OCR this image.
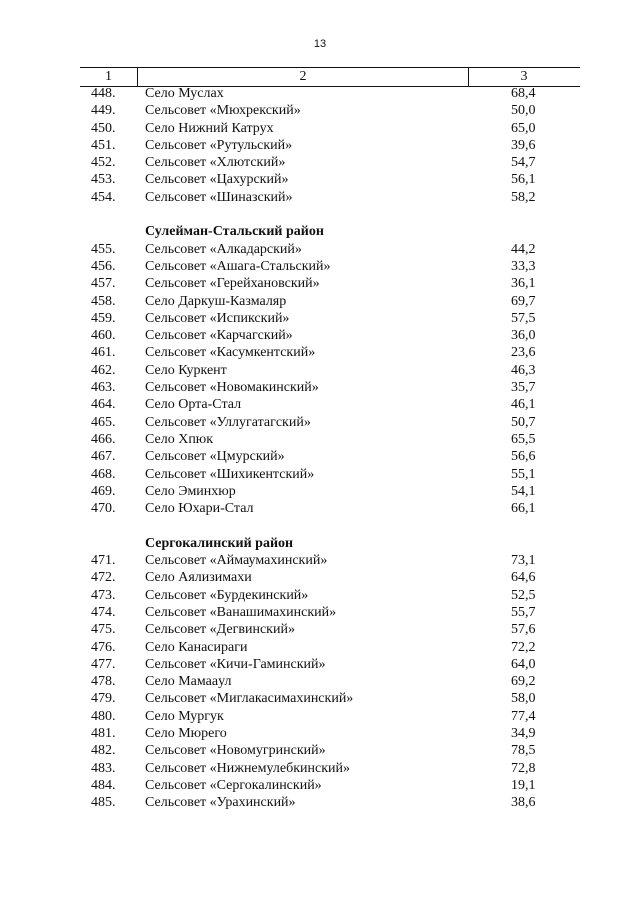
13
1	2	3
448. Село Муслах	68,4
449. Сельсовет «Мюхрекский»	50,0
450. Село Нижний Катрух	65,0
451. Сельсовет «Рутульский»	39,6
452. Сельсовет «Хлютский»	54,7
453. Сельсовет «Цахурский»	56,1
454. Сельсовет «Шиназский»	58,2
Сулейман-Стальский район
455. Сельсовет «Алкадарский»	44,2
456. Сельсовет «Ашага-Стальский»	33,3
457. Сельсовет «Герейхановский»	36,1
458. Село Даркуш-Казмаляр	69,7
459. Сельсовет «Испикский»	57,5
460. Сельсовет «Карчагский»	36,0
461. Сельсовет «Касумкентский»	23,6
462. Село Куркент	46,3
463. Сельсовет «Новомакинский»	35,7
464. Село Орта-Стал	46,1
465. Сельсовет «Уллугатагский»	50,7
466. Село Хпюк	65,5
467. Сельсовет «Цмурский»	56,6
468. Сельсовет «Шихикентский»	55,1
469. Село Эминхюр	54,1
470. Село Юхари-Стал	66,1
Сергокалинский район
471. Сельсовет «Аймаумахинский»	73,1
472. Село Аялизимахи	64,6
473. Сельсовет «Бурдекинский»	52,5
474. Сельсовет «Ванашимахинский»	55,7
475. Сельсовет «Дегвинский»	57,6
476. Село Канасираги	72,2
477. Сельсовет «Кичи-Гаминский»	64,0
478. Село Мамаaул	69,2
479. Сельсовет «Миглакасимахинский»	58,0
480. Село Мургук	77,4
481. Село Мюрего	34,9
482. Сельсовет «Новомугринский»	78,5
483. Сельсовет «Нижнемулебкинский»	72,8
484. Сельсовет «Сергокалинский»	19,1
485. Сельсовет «Урахинский»	38,6
